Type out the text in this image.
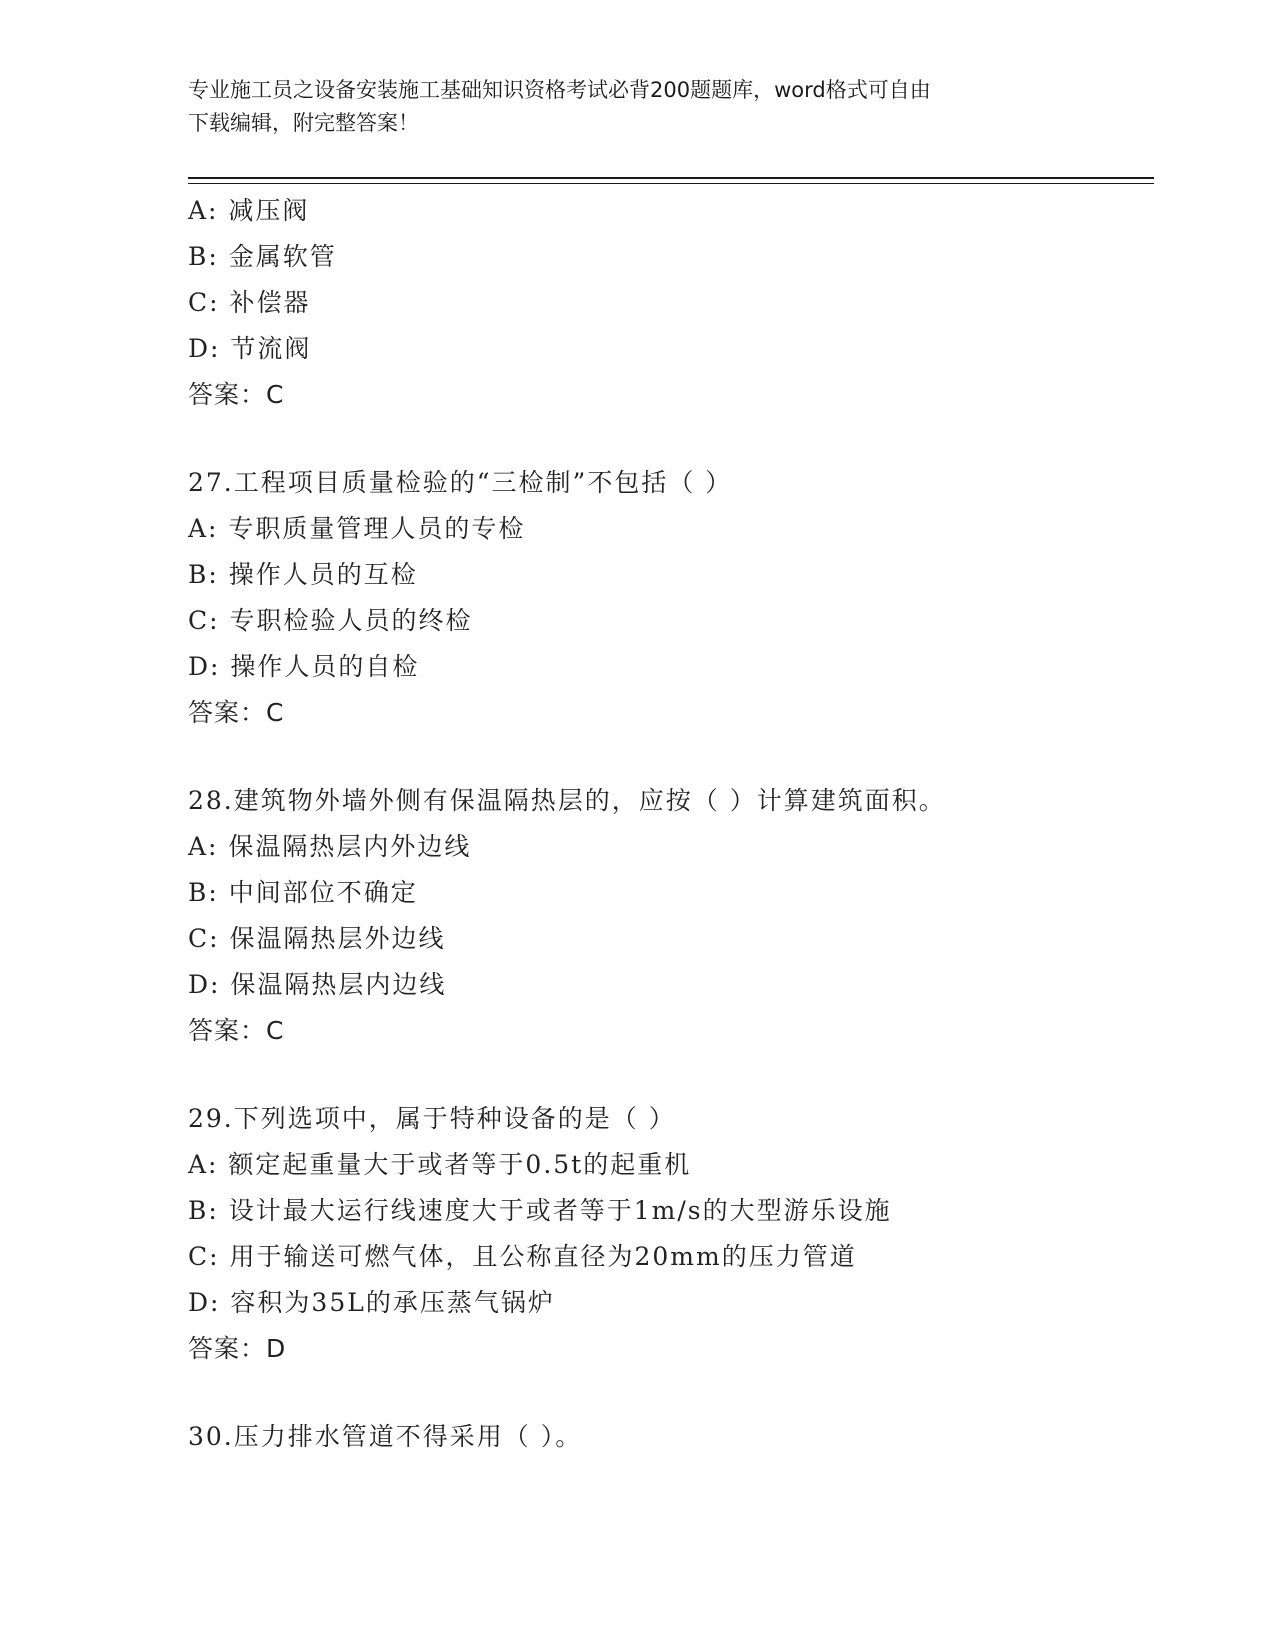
专业施工员之设备安装施工基础知识资格考试必背200题题库，word格式可自由
下载编辑，附完整答案！
A: 减压阀
B: 金属软管
C: 补偿器
D: 节流阀
答案：C
27.工程项目质量检验的“三检制”不包括（ ）
A: 专职质量管理人员的专检
B: 操作人员的互检
C: 专职检验人员的终检
D: 操作人员的自检
答案：C
28.建筑物外墙外侧有保温隔热层的，应按（ ）计算建筑面积。
A: 保温隔热层内外边线
B: 中间部位不确定
C: 保温隔热层外边线
D: 保温隔热层内边线
答案：C
29.下列选项中，属于特种设备的是（ ）
A: 额定起重量大于或者等于0.5t的起重机
B: 设计最大运行线速度大于或者等于1m/s的大型游乐设施
C: 用于输送可燃气体，且公称直径为20mm的压力管道
D: 容积为35L的承压蒸气锅炉
答案：D
30.压力排水管道不得采用（ ）。
